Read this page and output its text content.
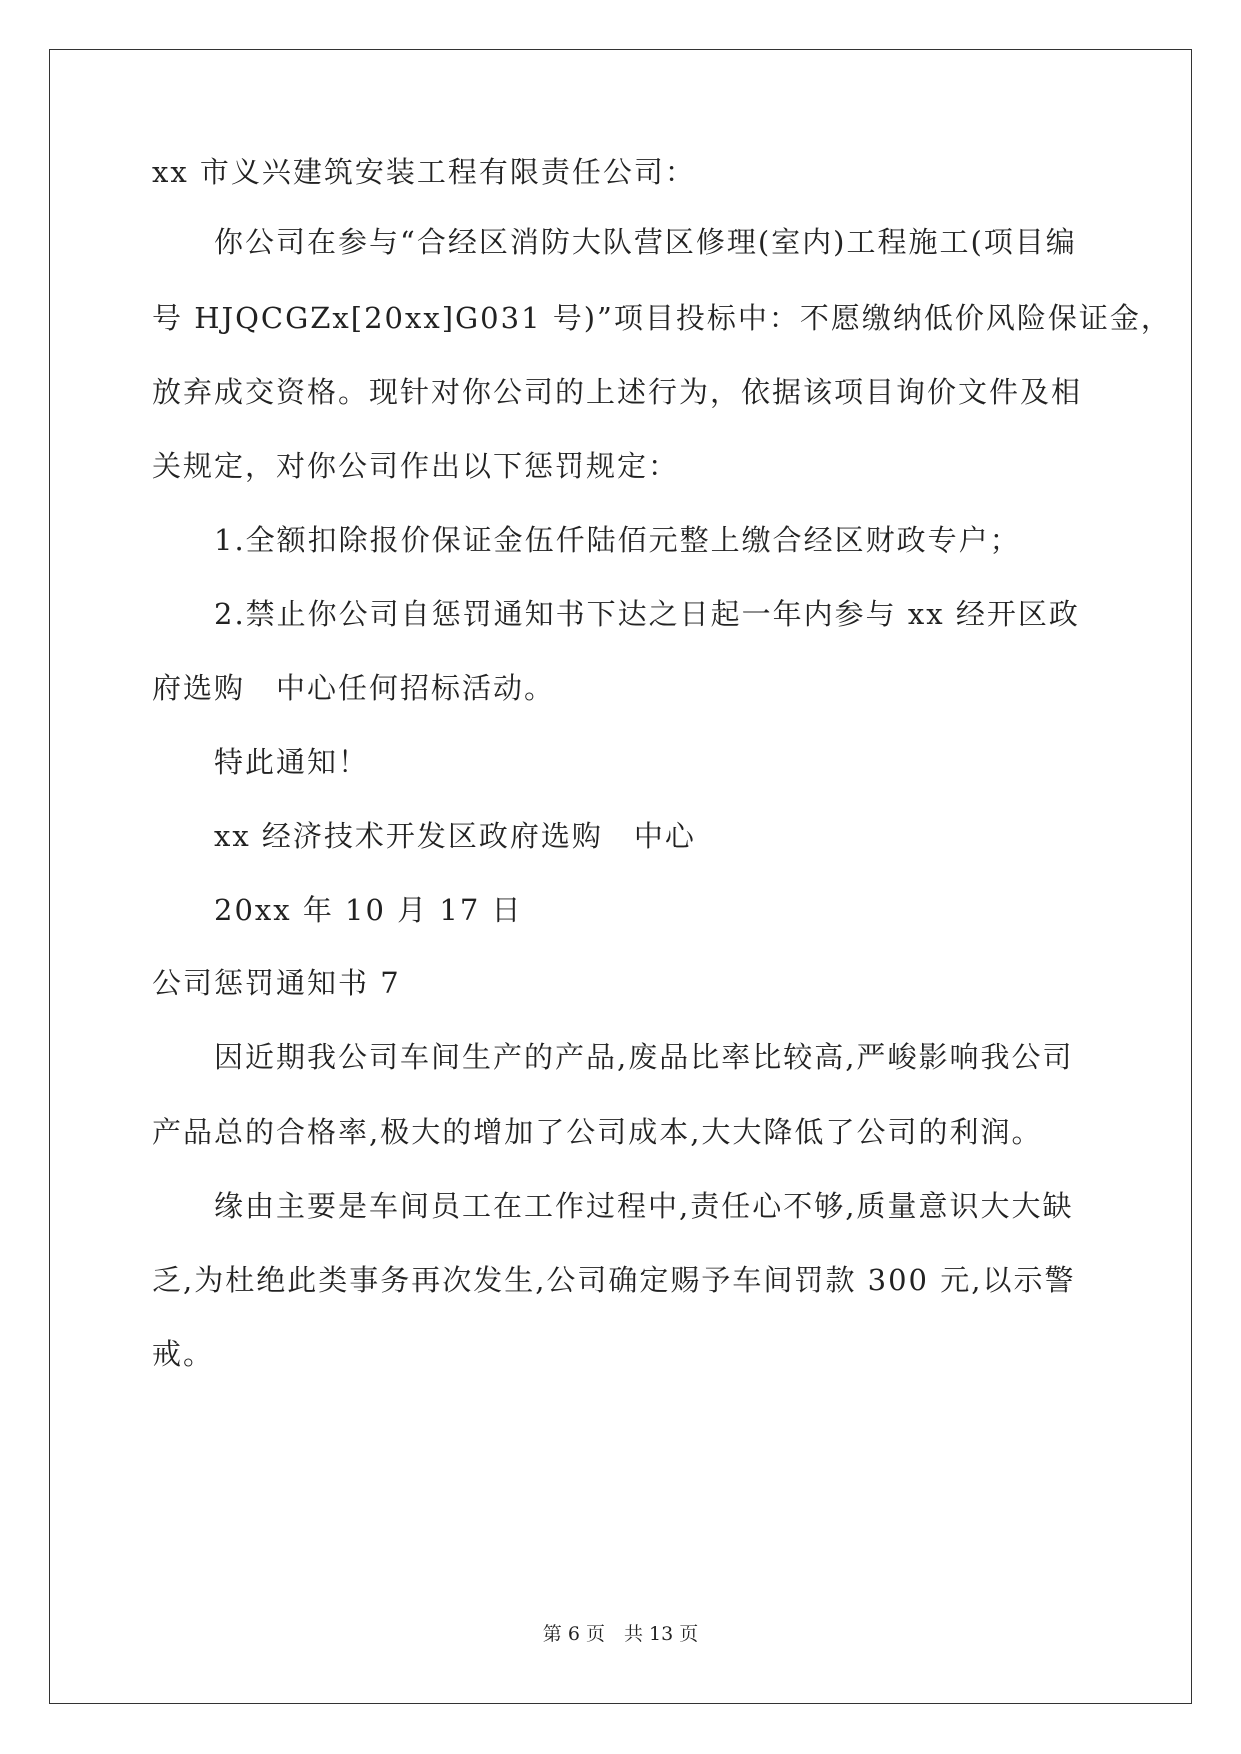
xx 市义兴建筑安装工程有限责任公司：
你公司在参与“合经区消防大队营区修理(室内)工程施工(项目编
号 HJQCGZx[20xx]G031 号)”项目投标中：不愿缴纳低价风险保证金，
放弃成交资格。现针对你公司的上述行为，依据该项目询价文件及相
关规定，对你公司作出以下惩罚规定：
1.全额扣除报价保证金伍仟陆佰元整上缴合经区财政专户；
2.禁止你公司自惩罚通知书下达之日起一年内参与 xx 经开区政
府选购　中心任何招标活动。
特此通知！
xx 经济技术开发区政府选购　中心
20xx 年 10 月 17 日
公司惩罚通知书 7
因近期我公司车间生产的产品,废品比率比较高,严峻影响我公司
产品总的合格率,极大的增加了公司成本,大大降低了公司的利润。
缘由主要是车间员工在工作过程中,责任心不够,质量意识大大缺
乏,为杜绝此类事务再次发生,公司确定赐予车间罚款 300 元,以示警
戒。
第 6 页　共 13 页
